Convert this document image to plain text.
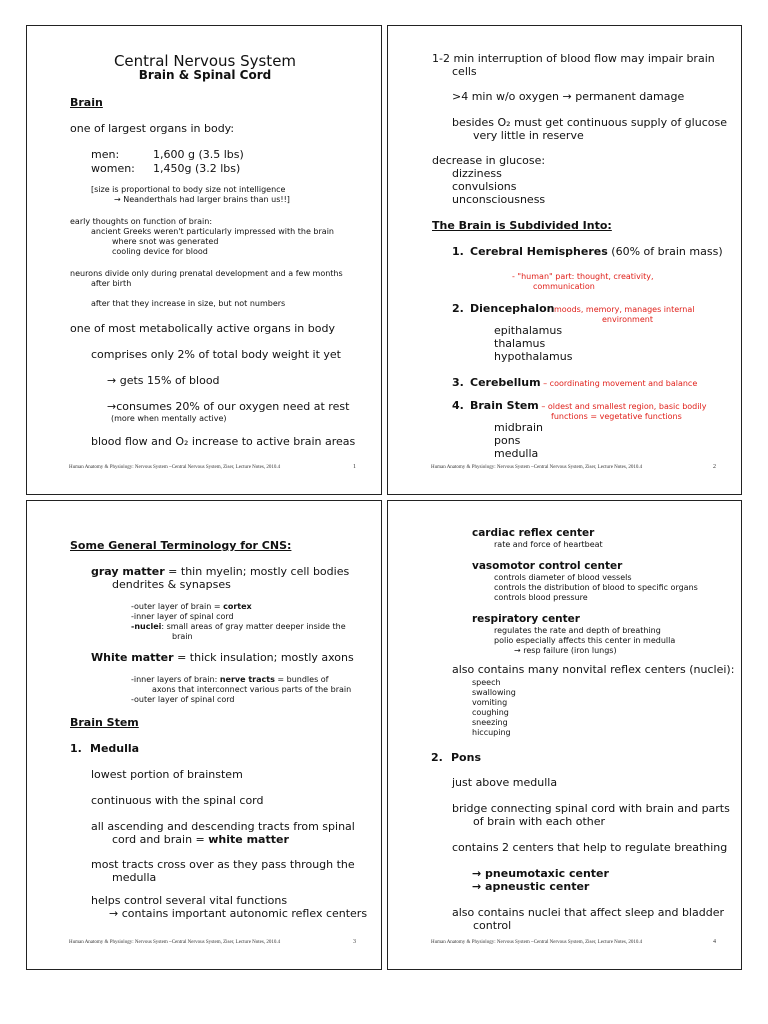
Central Nervous System
Brain & Spinal Cord
Brain
one of largest organs in body:
men:	1,600 g (3.5 lbs)
women: 1,450g (3.2 lbs)
[size is proportional to body size not intelligence
→ Neanderthals had larger brains than us!!]
early thoughts on function of brain:
ancient Greeks weren't particularly impressed with the brain
where snot was generated
cooling device for blood
neurons divide only during prenatal development and a few months
after birth
after that they increase in size, but not numbers
one of most metabolically active organs in body
comprises only 2% of total body weight it yet
→ gets 15% of blood
→consumes 20% of our oxygen need at rest
(more when mentally active)
blood flow and O₂ increase to active brain areas
Human Anatomy & Physiology: Nervous System ~Central Nervous System, Ziser, Lecture Notes, 2010.4	1
1-2 min interruption of blood flow may impair brain
cells
>4 min w/o oxygen → permanent damage
besides O₂ must get continuous supply of glucose
very little in reserve
decrease in glucose:
dizziness
convulsions
unconsciousness
The Brain is Subdivided Into:
1. Cerebral Hemispheres (60% of brain mass)
- "human" part: thought, creativity,
communication
2. Diencephalon moods, memory, manages internal
environment
epithalamus
thalamus
hypothalamus
3. Cerebellum – coordinating movement and balance
4. Brain Stem – oldest and smallest region, basic bodily
functions = vegetative functions
midbrain
pons
medulla
Human Anatomy & Physiology: Nervous System ~Central Nervous System, Ziser, Lecture Notes, 2010.4	2
Some General Terminology for CNS:
gray matter = thin myelin; mostly cell bodies
dendrites & synapses
-outer layer of brain = cortex
-inner layer of spinal cord
-nuclei: small areas of gray matter deeper inside the
brain
White matter = thick insulation; mostly axons
-inner layers of brain: nerve tracts = bundles of
axons that interconnect various parts of the brain
-outer layer of spinal cord
Brain Stem
1. Medulla
lowest portion of brainstem
continuous with the spinal cord
all ascending and descending tracts from spinal
cord and brain = white matter
most tracts cross over as they pass through the
medulla
helps control several vital functions
→ contains important autonomic reflex centers
Human Anatomy & Physiology: Nervous System ~Central Nervous System, Ziser, Lecture Notes, 2010.4	3
cardiac reflex center
rate and force of heartbeat
vasomotor control center
controls diameter of blood vessels
controls the distribution of blood to specific organs
controls blood pressure
respiratory center
regulates the rate and depth of breathing
polio especially affects this center in medulla
→ resp failure (iron lungs)
also contains many nonvital reflex centers (nuclei):
speech
swallowing
vomiting
coughing
sneezing
hiccuping
2. Pons
just above medulla
bridge connecting spinal cord with brain and parts
of brain with each other
contains 2 centers that help to regulate breathing
→ pneumotaxic center
→ apneustic center
also contains nuclei that affect sleep and bladder
control
Human Anatomy & Physiology: Nervous System ~Central Nervous System, Ziser, Lecture Notes, 2010.4	4
